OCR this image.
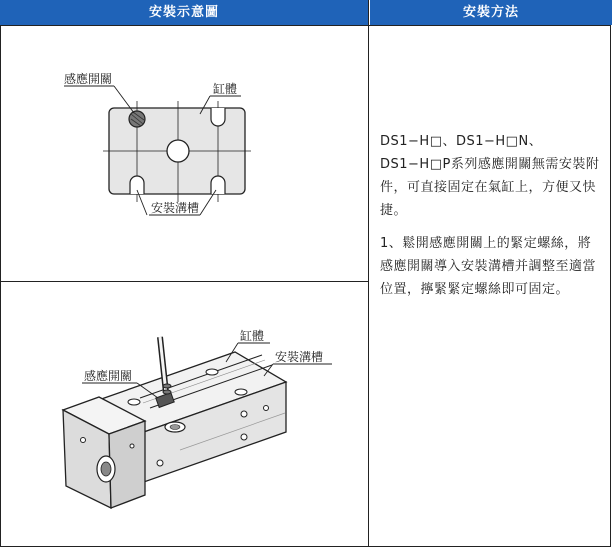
安裝示意圖	安裝方法
感應開關
缸體
安裝溝槽
缸體
安裝溝槽
感應開關

DS1−H□、DS1−H□N、DS1−H□P系列感應開關無需安裝附件，可直接固定在氣缸上，方便又快捷。

1、鬆開感應開關上的緊定螺絲，將感應開關導入安裝溝槽并調整至適當位置，擰緊緊定螺絲即可固定。
